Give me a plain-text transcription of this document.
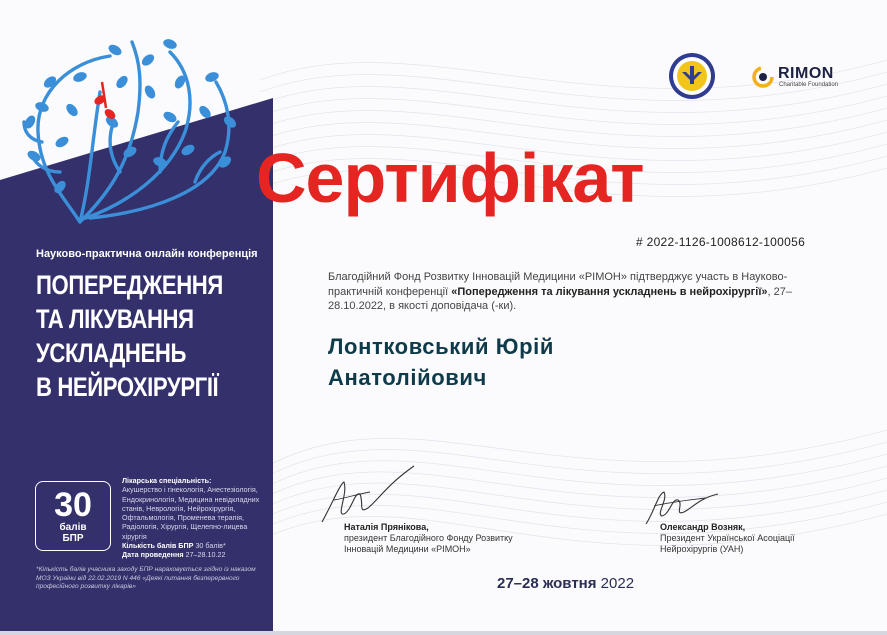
Науково-практична онлайн конференція
ПОПЕРЕДЖЕННЯ
ТА ЛІКУВАННЯ
УСКЛАДНЕНЬ
В НЕЙРОХІРУРГІЇ
30
балів
БПР
Лікарська спеціальність:
Акушерство і гінекологія, Анестезіологія, Ендокринологія, Медицина невідкладних станів, Неврологія, Нейрохірургія, Офтальмологія, Променева терапія, Радіологія, Хірургія, Щелепно-лицева хірургія
Кількість балів БПР 30 балів*
Дата проведення 27–28.10.22
*Кількість балів учасника заходу БПР нараховується згідно із наказом МОЗ України від 22.02.2019 N 446 «Деякі питання безперервного професійного розвитку лікарів»
RIMON
Charitable Foundation
Сертифікат
# 2022-1126-1008612-100056
Благодійний Фонд Розвитку Інновацій Медицини «РІМОН» підтверджує участь в Науково-практичній конференції «Попередження та лікування ускладнень в нейрохірургії», 27–28.10.2022, в якості доповідача (-ки).
Лонтковський Юрій
Анатолійович
Наталія Прянікова,
президент Благодійного Фонду Розвитку
Інновацій Медицини «РІМОН»
Олександр Возняк,
Президент Української Асоціації
Нейрохірургів (УАН)
27–28 жовтня 2022
